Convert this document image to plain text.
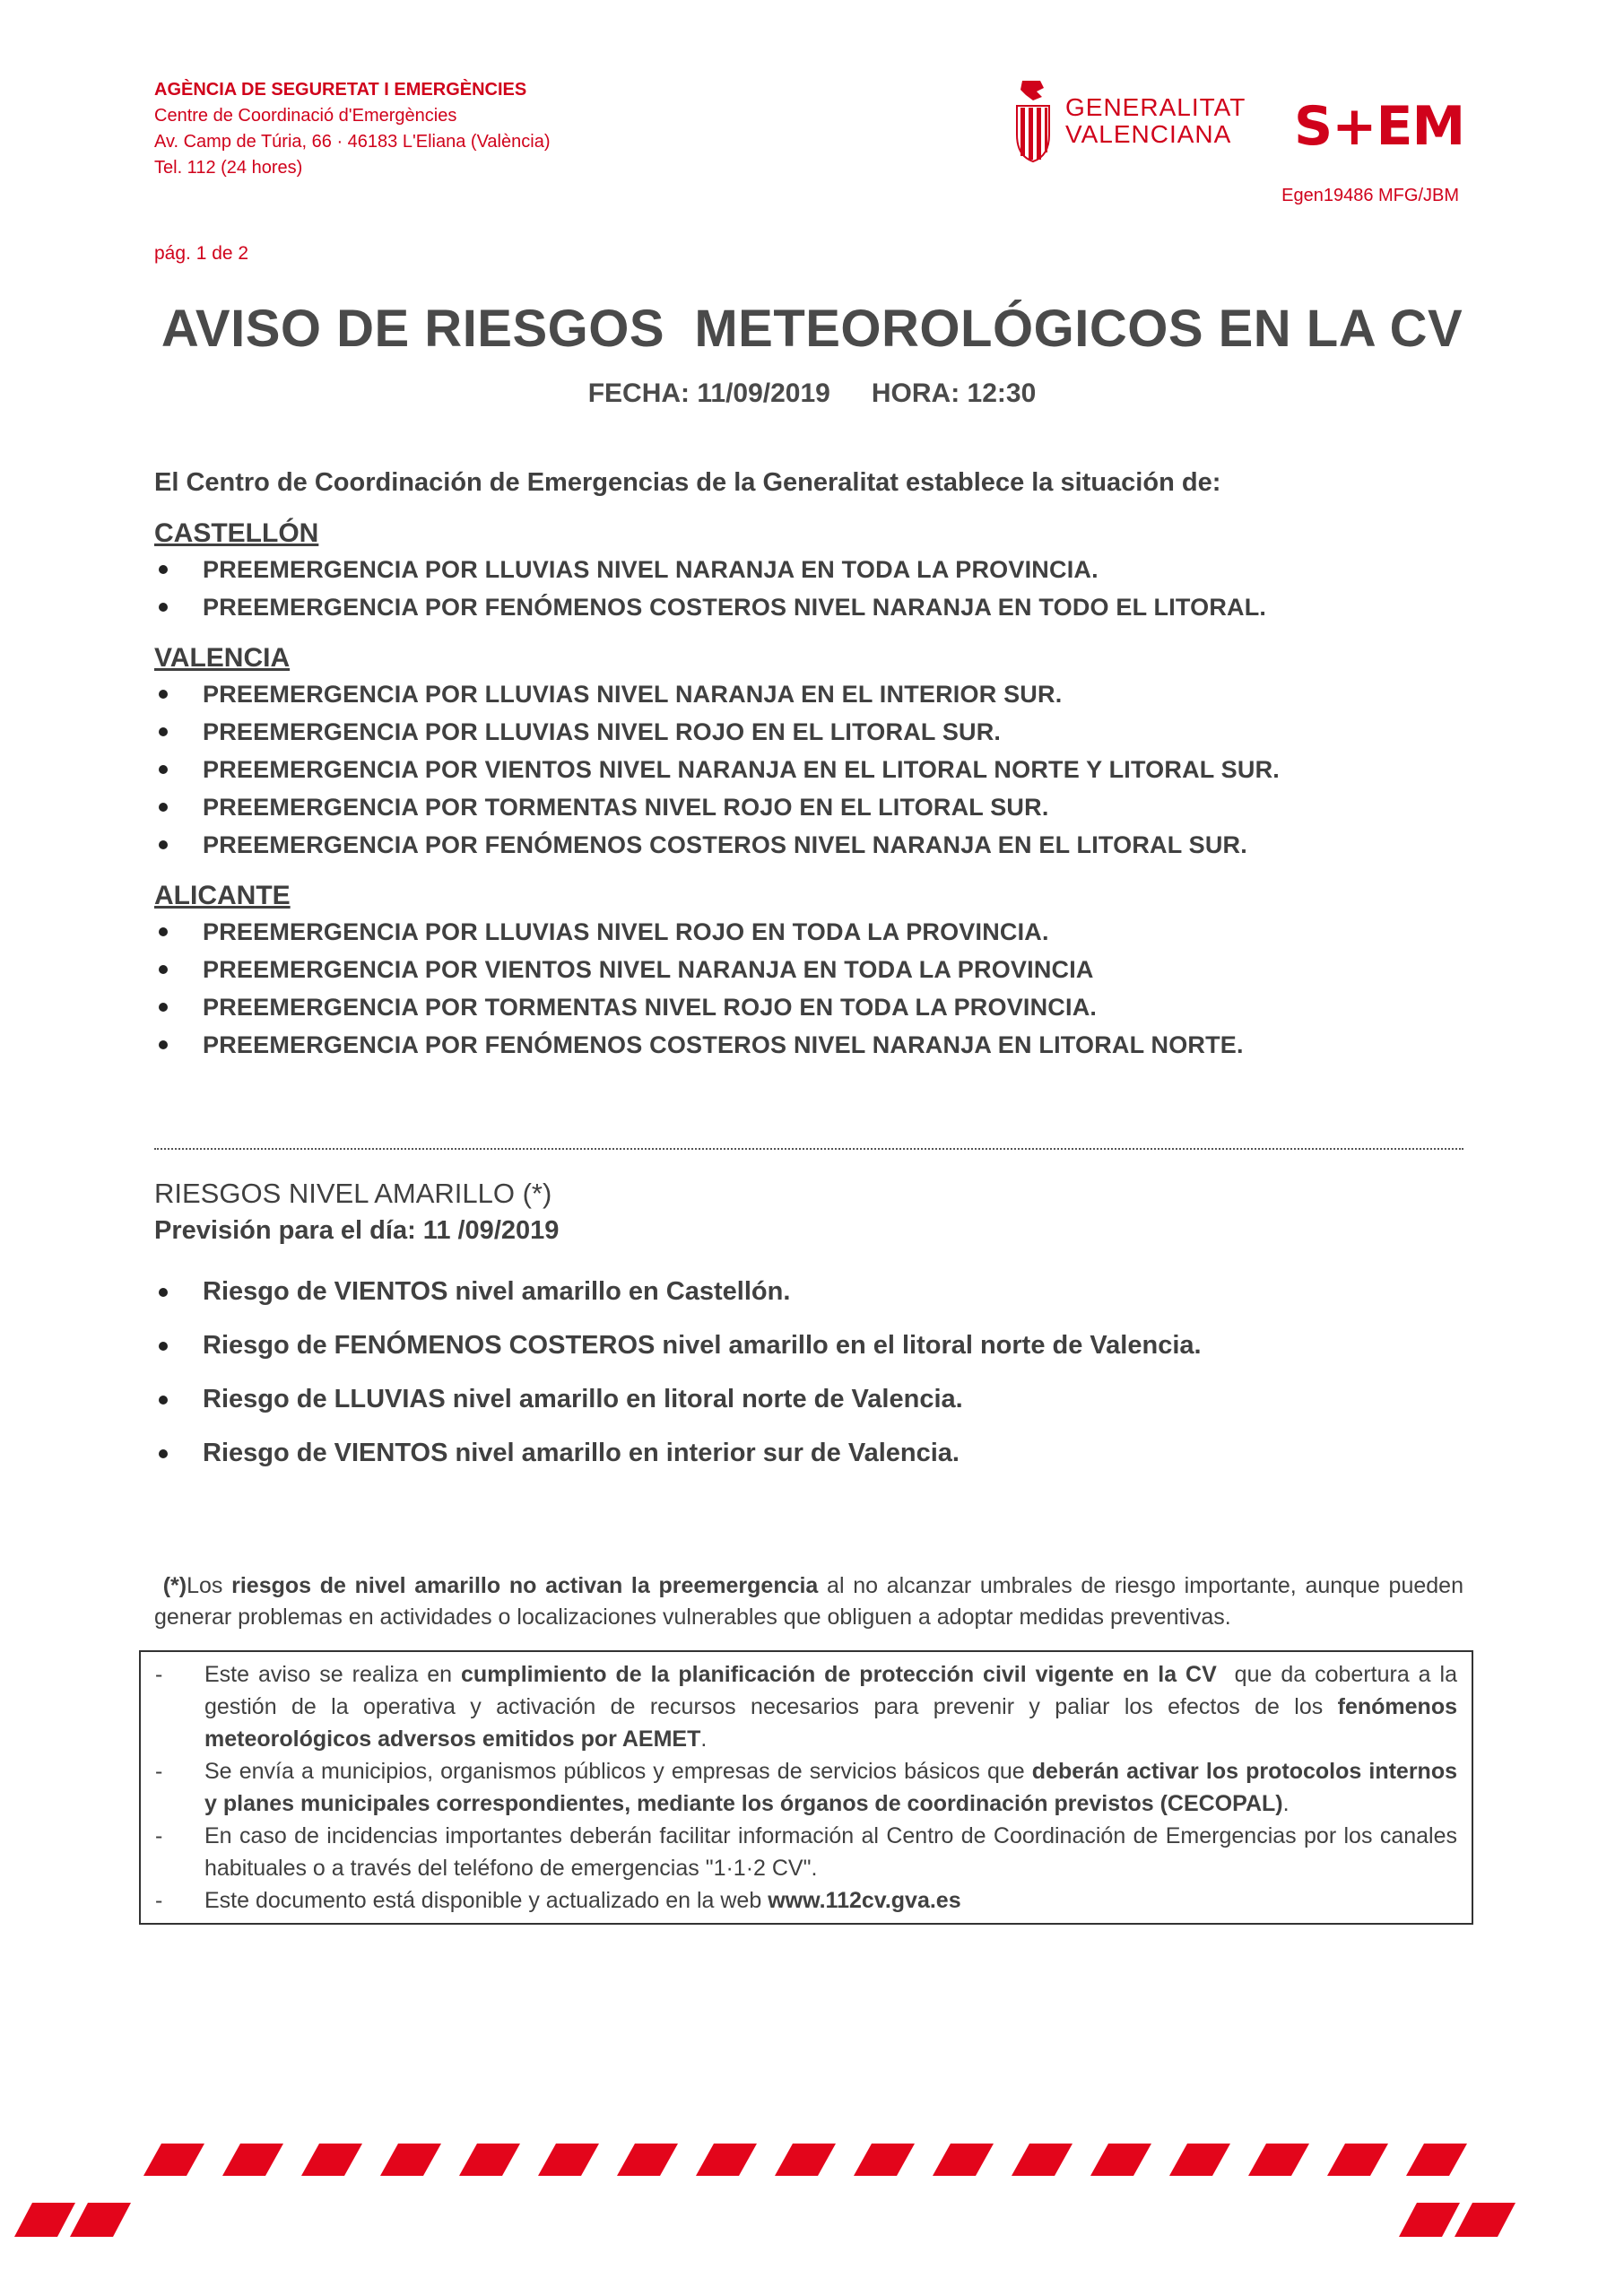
AGÈNCIA DE SEGURETAT I EMERGÈNCIES
Centre de Coordinació d'Emergències
Av. Camp de Túria, 66 · 46183 L'Eliana (València)
Tel. 112 (24 hores)
GENERALITAT
VALENCIANA S+EM
Egen19486 MFG/JBM
pág. 1 de 2
AVISO DE RIESGOS  METEOROLÓGICOS EN LA CV
FECHA: 11/09/2019 HORA: 12:30

El Centro de Coordinación de Emergencias de la Generalitat establece la situación de:

CASTELLÓN

PREEMERGENCIA POR LLUVIAS NIVEL NARANJA EN TODA LA PROVINCIA.
PREEMERGENCIA POR FENÓMENOS COSTEROS NIVEL NARANJA EN TODO EL LITORAL.

VALENCIA

PREEMERGENCIA POR LLUVIAS NIVEL NARANJA EN EL INTERIOR SUR.
PREEMERGENCIA POR LLUVIAS NIVEL ROJO EN EL LITORAL SUR.
PREEMERGENCIA POR VIENTOS NIVEL NARANJA EN EL LITORAL NORTE Y LITORAL SUR.
PREEMERGENCIA POR TORMENTAS NIVEL ROJO EN EL LITORAL SUR.
PREEMERGENCIA POR FENÓMENOS COSTEROS NIVEL NARANJA EN EL LITORAL SUR.

ALICANTE

PREEMERGENCIA POR LLUVIAS NIVEL ROJO EN TODA LA PROVINCIA.
PREEMERGENCIA POR VIENTOS NIVEL NARANJA EN TODA LA PROVINCIA
PREEMERGENCIA POR TORMENTAS NIVEL ROJO EN TODA LA PROVINCIA.
PREEMERGENCIA POR FENÓMENOS COSTEROS NIVEL NARANJA EN LITORAL NORTE.
RIESGOS NIVEL AMARILLO (*)
Previsión para el día: 11 /09/2019
Riesgo de VIENTOS nivel amarillo en Castellón.
Riesgo de FENÓMENOS COSTEROS nivel amarillo en el litoral norte de Valencia.
Riesgo de LLUVIAS nivel amarillo en litoral norte de Valencia.
Riesgo de VIENTOS nivel amarillo en interior sur de Valencia.
(*)Los riesgos de nivel amarillo no activan la preemergencia al no alcanzar umbrales de riesgo importante, aunque pueden generar problemas en actividades o localizaciones vulnerables que obliguen a adoptar medidas preventivas.
- Este aviso se realiza en cumplimiento de la planificación de protección civil vigente en la CV  que da cobertura a la gestión de la operativa y activación de recursos necesarios para prevenir y paliar los efectos de los fenómenos meteorológicos adversos emitidos por AEMET.
- Se envía a municipios, organismos públicos y empresas de servicios básicos que deberán activar los protocolos internos y planes municipales correspondientes, mediante los órganos de coordinación previstos (CECOPAL).
- En caso de incidencias importantes deberán facilitar información al Centro de Coordinación de Emergencias por los canales habituales o a través del teléfono de emergencias "1·1·2 CV".
- Este documento está disponible y actualizado en la web www.112cv.gva.es
